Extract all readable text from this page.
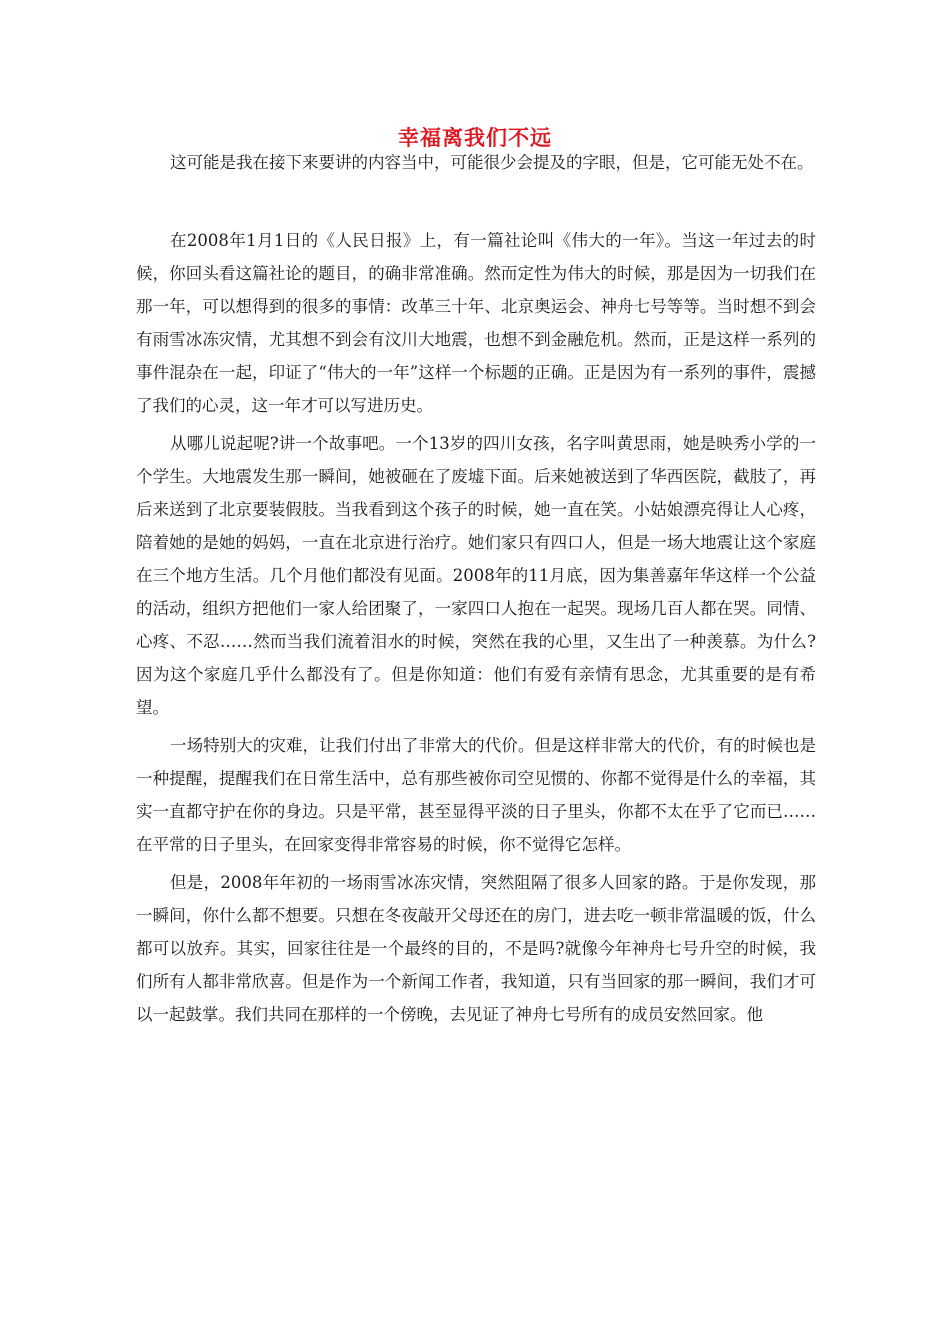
幸福离我们不远

这可能是我在接下来要讲的内容当中，可能很少会提及的字眼，但是，它可能无处不在。

在2008年1月1日的《人民日报》上，有一篇社论叫《伟大的一年》。当这一年过去的时候，你回头看这篇社论的题目，的确非常准确。然而定性为伟大的时候，那是因为一切我们在那一年，可以想得到的很多的事情：改革三十年、北京奥运会、神舟七号等等。当时想不到会有雨雪冰冻灾情，尤其想不到会有汶川大地震，也想不到金融危机。然而，正是这样一系列的事件混杂在一起，印证了“伟大的一年”这样一个标题的正确。正是因为有一系列的事件，震撼了我们的心灵，这一年才可以写进历史。

从哪儿说起呢?讲一个故事吧。一个13岁的四川女孩，名字叫黄思雨，她是映秀小学的一个学生。大地震发生那一瞬间，她被砸在了废墟下面。后来她被送到了华西医院，截肢了，再后来送到了北京要装假肢。当我看到这个孩子的时候，她一直在笑。小姑娘漂亮得让人心疼，陪着她的是她的妈妈，一直在北京进行治疗。她们家只有四口人，但是一场大地震让这个家庭在三个地方生活。几个月他们都没有见面。2008年的11月底，因为集善嘉年华这样一个公益的活动，组织方把他们一家人给团聚了，一家四口人抱在一起哭。现场几百人都在哭。同情、心疼、不忍……然而当我们流着泪水的时候，突然在我的心里，又生出了一种羡慕。为什么?因为这个家庭几乎什么都没有了。但是你知道：他们有爱有亲情有思念，尤其重要的是有希望。

一场特别大的灾难，让我们付出了非常大的代价。但是这样非常大的代价，有的时候也是一种提醒，提醒我们在日常生活中，总有那些被你司空见惯的、你都不觉得是什么的幸福，其实一直都守护在你的身边。只是平常，甚至显得平淡的日子里头，你都不太在乎了它而已……在平常的日子里头，在回家变得非常容易的时候，你不觉得它怎样。

但是，2008年年初的一场雨雪冰冻灾情，突然阻隔了很多人回家的路。于是你发现，那一瞬间，你什么都不想要。只想在冬夜敲开父母还在的房门，进去吃一顿非常温暖的饭，什么都可以放弃。其实，回家往往是一个最终的目的，不是吗?就像今年神舟七号升空的时候，我们所有人都非常欣喜。但是作为一个新闻工作者，我知道，只有当回家的那一瞬间，我们才可以一起鼓掌。我们共同在那样的一个傍晚，去见证了神舟七号所有的成员安然回家。他
